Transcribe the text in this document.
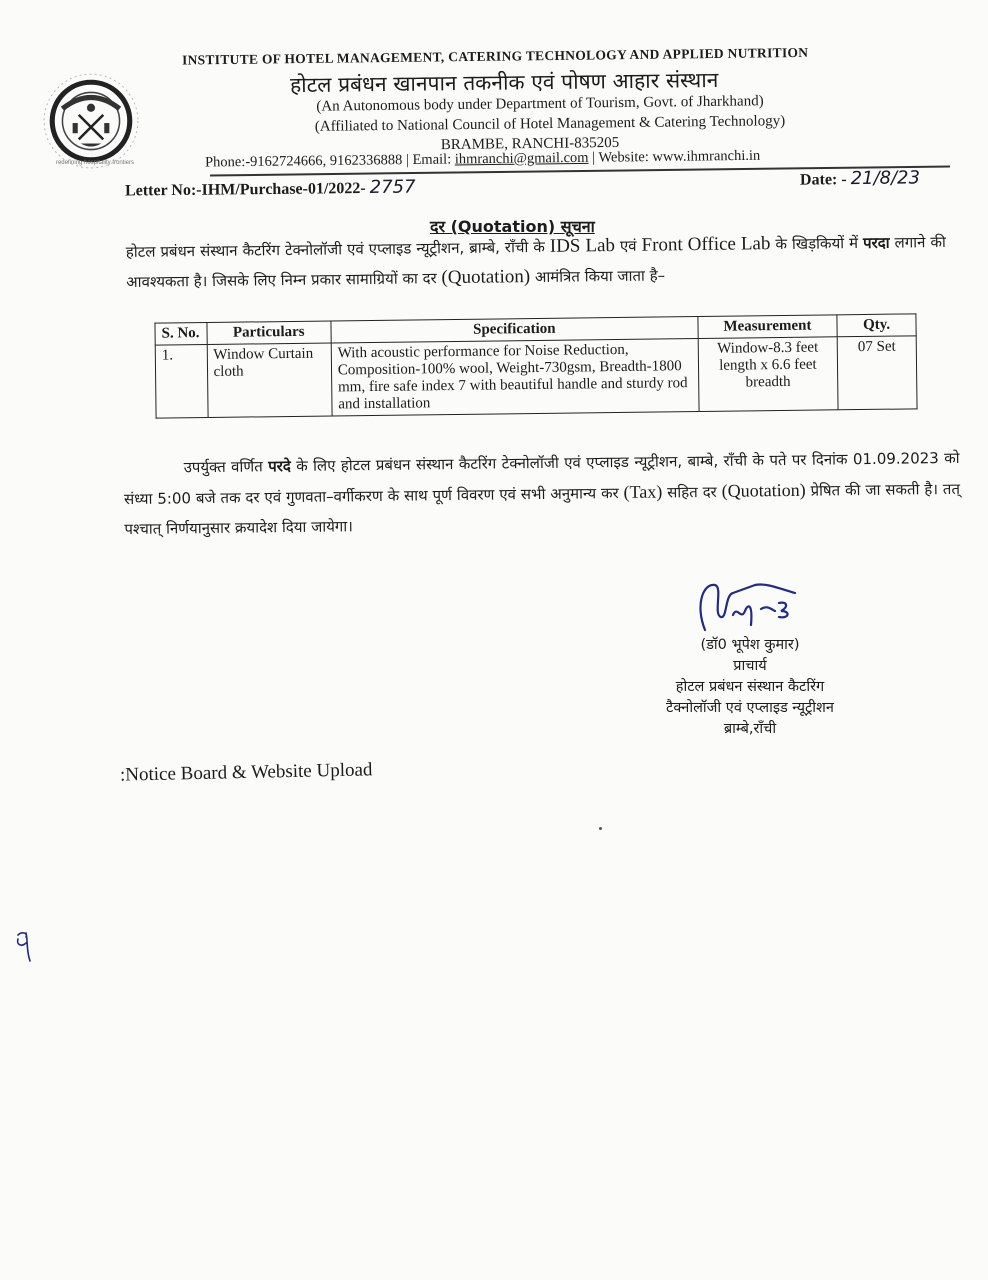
redefining hospitality frontiers
INSTITUTE OF HOTEL MANAGEMENT, CATERING TECHNOLOGY AND APPLIED NUTRITION
होटल प्रबंधन खानपान तकनीक एवं पोषण आहार संस्थान
(An Autonomous body under Department of Tourism, Govt. of Jharkhand)
(Affiliated to National Council of Hotel Management & Catering Technology)
BRAMBE, RANCHI-835205
Phone:-9162724666, 9162336888 | Email: ihmranchi@gmail.com | Website: www.ihmranchi.in
Letter No:-IHM/Purchase-01/2022- 2757	Date: - 21/8/23
दर (Quotation) सूचना
होटल प्रबंधन संस्थान कैटरिंग टेक्नोलॉजी एवं एप्लाइड न्यूट्रीशन, ब्राम्बे, राँची के IDS Lab एवं Front Office Lab के खिड़कियों में परदा लगाने की आवश्यकता है। जिसके लिए निम्न प्रकार सामाग्रियों का दर (Quotation) आमंत्रित किया जाता है–
S. No.	Particulars	Specification	Measurement	Qty.
1.	Window Curtain cloth	With acoustic performance for Noise Reduction, Composition-100% wool, Weight-730gsm, Breadth-1800 mm, fire safe index 7 with beautiful handle and sturdy rod and installation	Window-8.3 feet length x 6.6 feet breadth	07 Set
उपर्युक्त वर्णित परदे के लिए होटल प्रबंधन संस्थान कैटरिंग टेक्नोलॉजी एवं एप्लाइड न्यूट्रीशन, बाम्बे, राँची के पते पर दिनांक 01.09.2023 को संध्या 5:00 बजे तक दर एवं गुणवता–वर्गीकरण के साथ पूर्ण विवरण एवं सभी अनुमान्य कर (Tax) सहित दर (Quotation) प्रेषित की जा सकती है। तत् पश्चात् निर्णयानुसार क्रयादेश दिया जायेगा।
(डॉ0 भूपेश कुमार)
प्राचार्य
होटल प्रबंधन संस्थान कैटरिंग
टैक्नोलॉजी एवं एप्लाइड न्यूट्रीशन
ब्राम्बे,राँची
:Notice Board & Website Upload
